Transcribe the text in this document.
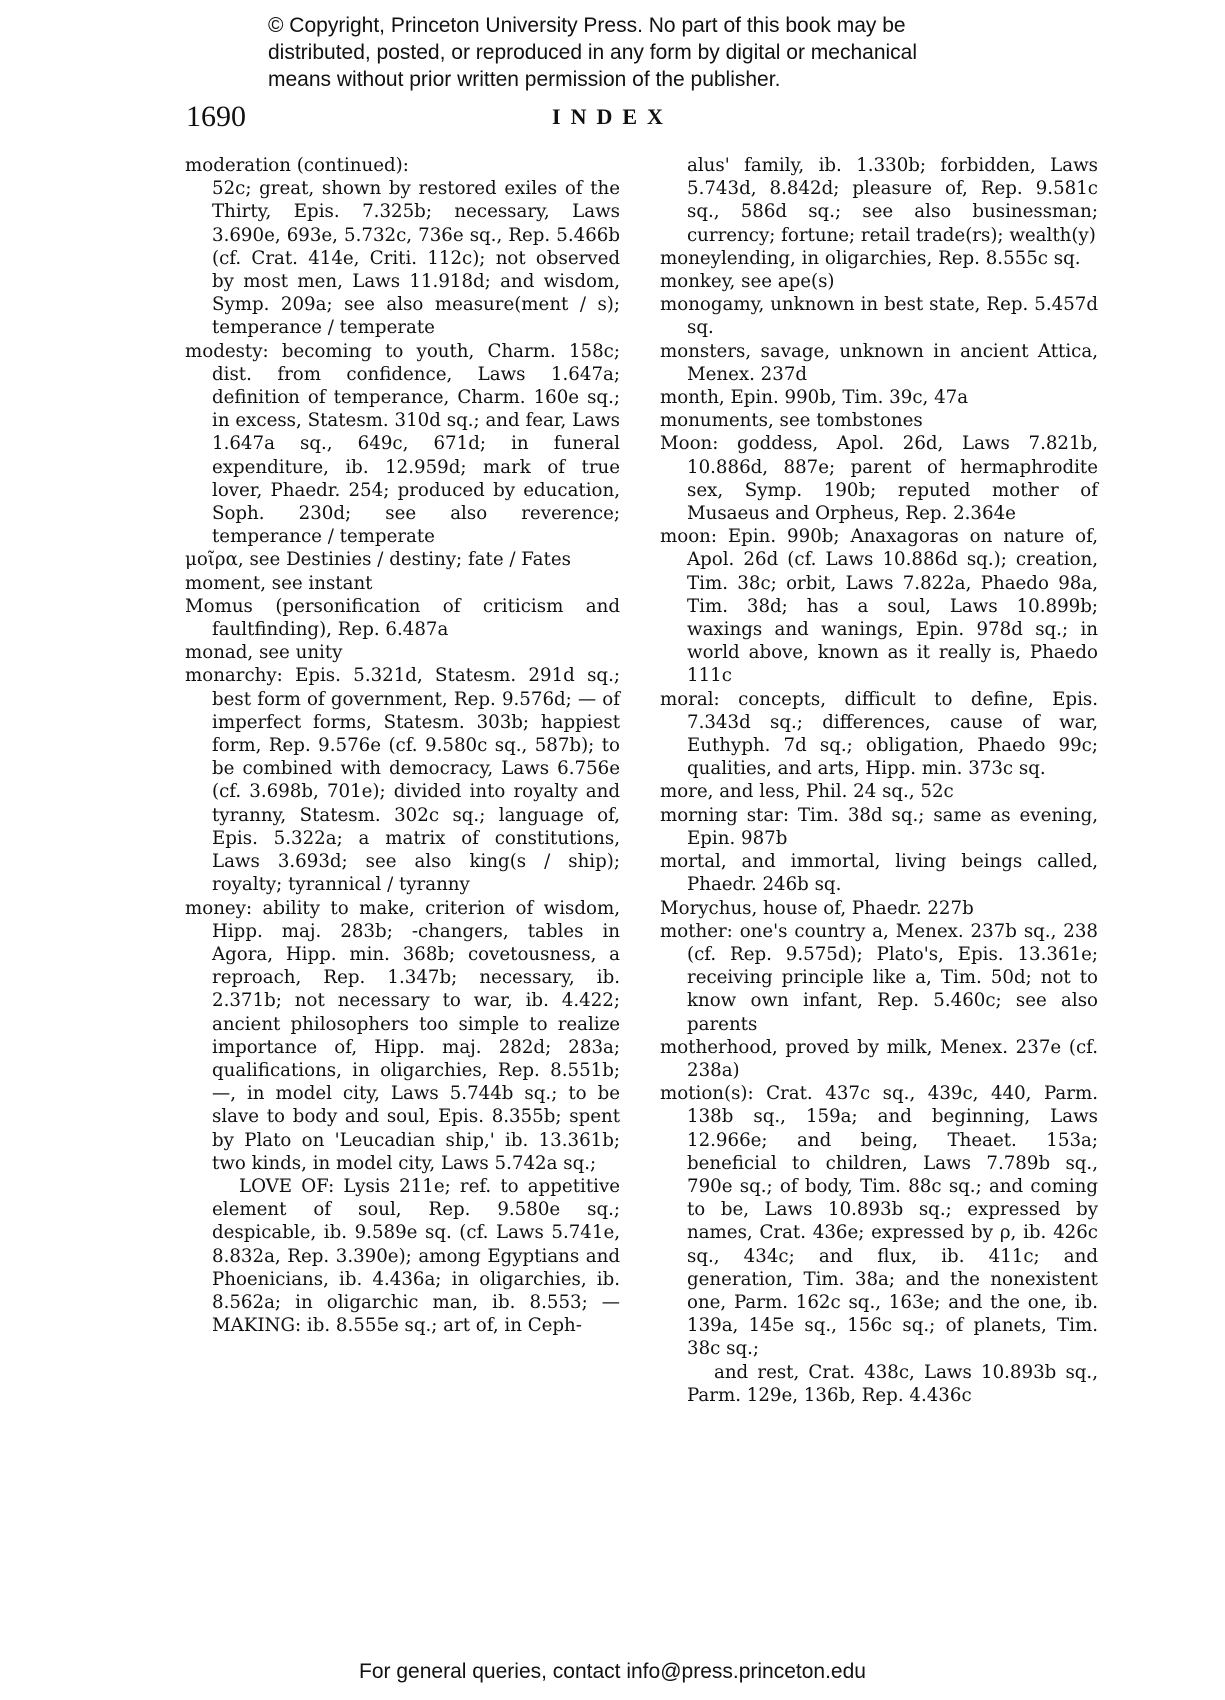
© Copyright, Princeton University Press. No part of this book may be
distributed, posted, or reproduced in any form by digital or mechanical
means without prior written permission of the publisher.
1690	INDEX

moderation (continued):

52c; great, shown by restored exiles of the Thirty, Epis. 7.325b; necessary, Laws 3.690e, 693e, 5.732c, 736e sq., Rep. 5.466b (cf. Crat. 414e, Criti. 112c); not observed by most men, Laws 11.918d; and wisdom, Symp. 209a; see also measure(ment / s); temperance / temperate

modesty: becoming to youth, Charm. 158c; dist. from confidence, Laws 1.647a; definition of temperance, Charm. 160e sq.; in excess, Statesm. 310d sq.; and fear, Laws 1.647a sq., 649c, 671d; in funeral expenditure, ib. 12.959d; mark of true lover, Phaedr. 254; produced by education, Soph. 230d; see also reverence; temperance / temperate

μοῖρα, see Destinies / destiny; fate / Fates

moment, see instant

Momus (personification of criticism and faultfinding), Rep. 6.487a

monad, see unity

monarchy: Epis. 5.321d, Statesm. 291d sq.; best form of government, Rep. 9.576d; — of imperfect forms, Statesm. 303b; happiest form, Rep. 9.576e (cf. 9.580c sq., 587b); to be combined with democracy, Laws 6.756e (cf. 3.698b, 701e); divided into royalty and tyranny, Statesm. 302c sq.; language of, Epis. 5.322a; a matrix of constitutions, Laws 3.693d; see also king(s / ship); royalty; tyrannical / tyranny

money: ability to make, criterion of wisdom, Hipp. maj. 283b; -changers, tables in Agora, Hipp. min. 368b; covetousness, a reproach, Rep. 1.347b; necessary, ib. 2.371b; not necessary to war, ib. 4.422; ancient philosophers too simple to realize importance of, Hipp. maj. 282d; 283a; qualifications, in oligarchies, Rep. 8.551b; —, in model city, Laws 5.744b sq.; to be slave to body and soul, Epis. 8.355b; spent by Plato on 'Leucadian ship,' ib. 13.361b; two kinds, in model city, Laws 5.742a sq.;

LOVE OF: Lysis 211e; ref. to appetitive element of soul, Rep. 9.580e sq.; despicable, ib. 9.589e sq. (cf. Laws 5.741e, 8.832a, Rep. 3.390e); among Egyptians and Phoenicians, ib. 4.436a; in oligarchies, ib. 8.562a; in oligarchic man, ib. 8.553; — MAKING: ib. 8.555e sq.; art of, in Ceph-

alus' family, ib. 1.330b; forbidden, Laws 5.743d, 8.842d; pleasure of, Rep. 9.581c sq., 586d sq.; see also businessman; currency; fortune; retail trade(rs); wealth(y)

moneylending, in oligarchies, Rep. 8.555c sq.

monkey, see ape(s)

monogamy, unknown in best state, Rep. 5.457d sq.

monsters, savage, unknown in ancient Attica, Menex. 237d

month, Epin. 990b, Tim. 39c, 47a

monuments, see tombstones

Moon: goddess, Apol. 26d, Laws 7.821b, 10.886d, 887e; parent of hermaphrodite sex, Symp. 190b; reputed mother of Musaeus and Orpheus, Rep. 2.364e

moon: Epin. 990b; Anaxagoras on nature of, Apol. 26d (cf. Laws 10.886d sq.); creation, Tim. 38c; orbit, Laws 7.822a, Phaedo 98a, Tim. 38d; has a soul, Laws 10.899b; waxings and wanings, Epin. 978d sq.; in world above, known as it really is, Phaedo 111c

moral: concepts, difficult to define, Epis. 7.343d sq.; differences, cause of war, Euthyph. 7d sq.; obligation, Phaedo 99c; qualities, and arts, Hipp. min. 373c sq.

more, and less, Phil. 24 sq., 52c

morning star: Tim. 38d sq.; same as evening, Epin. 987b

mortal, and immortal, living beings called, Phaedr. 246b sq.

Morychus, house of, Phaedr. 227b

mother: one's country a, Menex. 237b sq., 238 (cf. Rep. 9.575d); Plato's, Epis. 13.361e; receiving principle like a, Tim. 50d; not to know own infant, Rep. 5.460c; see also parents

motherhood, proved by milk, Menex. 237e (cf. 238a)

motion(s): Crat. 437c sq., 439c, 440, Parm. 138b sq., 159a; and beginning, Laws 12.966e; and being, Theaet. 153a; beneficial to children, Laws 7.789b sq., 790e sq.; of body, Tim. 88c sq.; and coming to be, Laws 10.893b sq.; expressed by names, Crat. 436e; expressed by ρ, ib. 426c sq., 434c; and flux, ib. 411c; and generation, Tim. 38a; and the nonexistent one, Parm. 162c sq., 163e; and the one, ib. 139a, 145e sq., 156c sq.; of planets, Tim. 38c sq.;

and rest, Crat. 438c, Laws 10.893b sq., Parm. 129e, 136b, Rep. 4.436c

For general queries, contact info@press.princeton.edu
